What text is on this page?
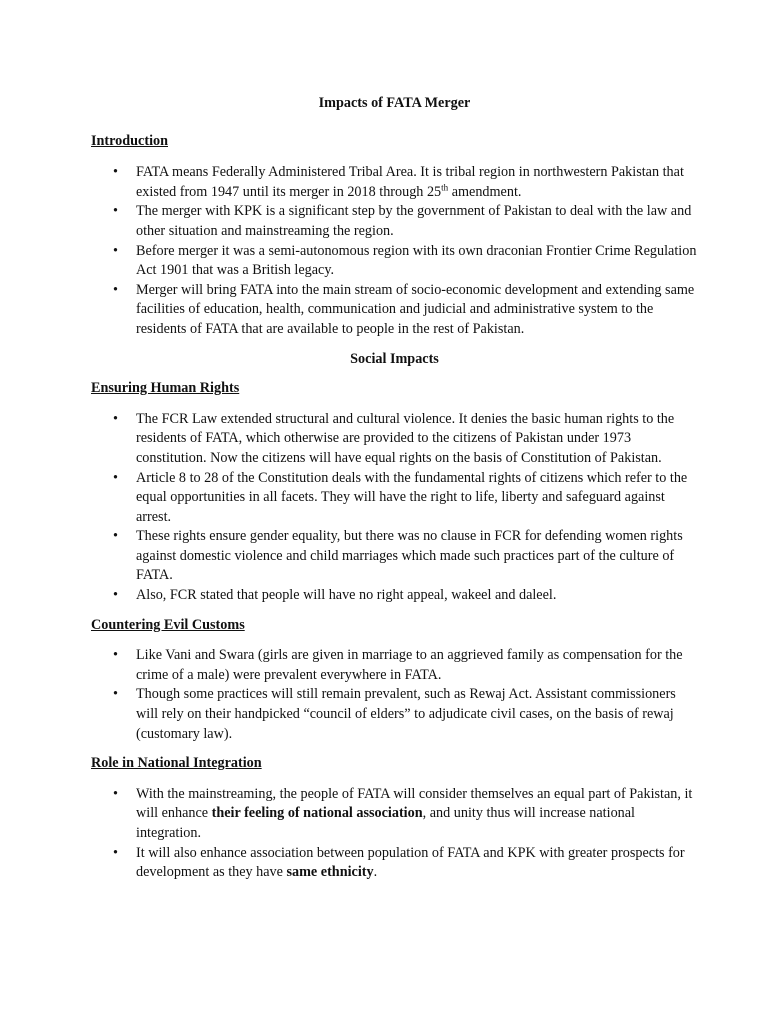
Impacts of FATA Merger

Introduction

• FATA means Federally Administered Tribal Area. It is tribal region in northwestern Pakistan that existed from 1947 until its merger in 2018 through 25th amendment.
• The merger with KPK is a significant step by the government of Pakistan to deal with the law and other situation and mainstreaming the region.
• Before merger it was a semi-autonomous region with its own draconian Frontier Crime Regulation Act 1901 that was a British legacy.
• Merger will bring FATA into the main stream of socio-economic development and extending same facilities of education, health, communication and judicial and administrative system to the residents of FATA that are available to people in the rest of Pakistan.

Social Impacts

Ensuring Human Rights

• The FCR Law extended structural and cultural violence. It denies the basic human rights to the residents of FATA, which otherwise are provided to the citizens of Pakistan under 1973 constitution. Now the citizens will have equal rights on the basis of Constitution of Pakistan.
• Article 8 to 28 of the Constitution deals with the fundamental rights of citizens which refer to the equal opportunities in all facets. They will have the right to life, liberty and safeguard against arrest.
• These rights ensure gender equality, but there was no clause in FCR for defending women rights against domestic violence and child marriages which made such practices part of the culture of FATA.
• Also, FCR stated that people will have no right appeal, wakeel and daleel.

Countering Evil Customs

• Like Vani and Swara (girls are given in marriage to an aggrieved family as compensation for the crime of a male) were prevalent everywhere in FATA.
• Though some practices will still remain prevalent, such as Rewaj Act. Assistant commissioners will rely on their handpicked “council of elders” to adjudicate civil cases, on the basis of rewaj (customary law).

Role in National Integration

• With the mainstreaming, the people of FATA will consider themselves an equal part of Pakistan, it will enhance their feeling of national association, and unity thus will increase national integration.
• It will also enhance association between population of FATA and KPK with greater prospects for development as they have same ethnicity.
